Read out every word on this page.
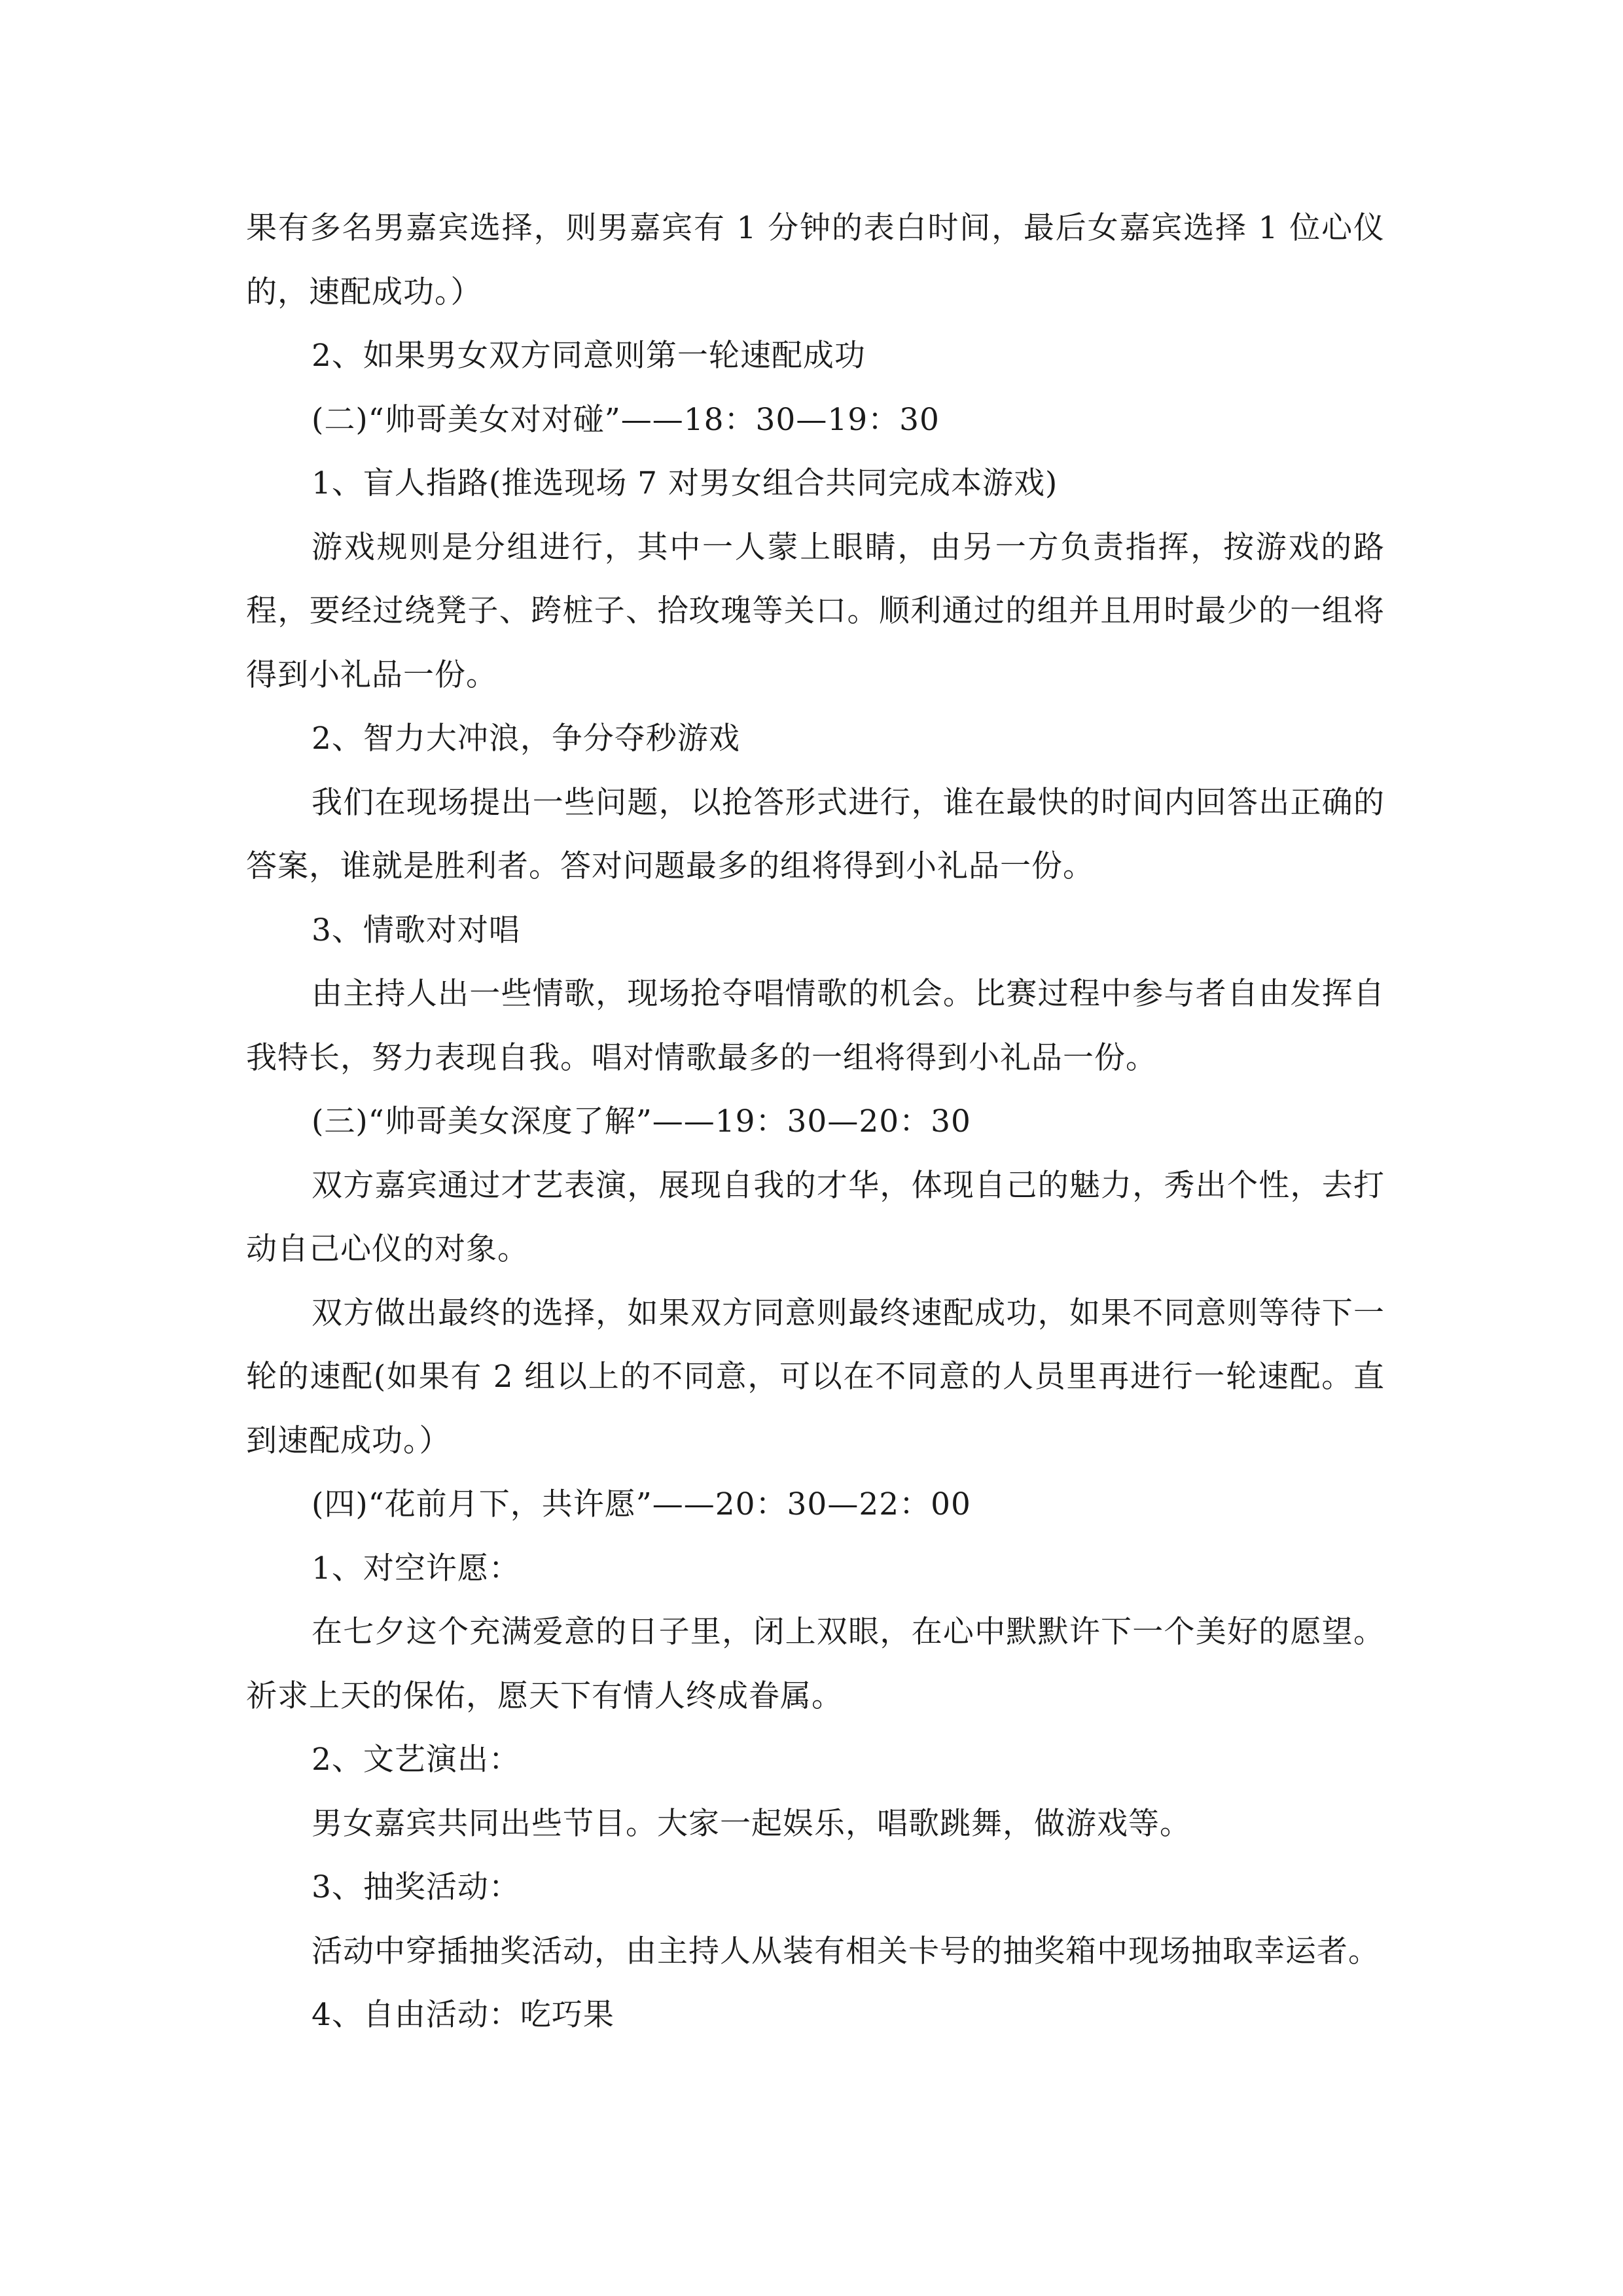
果有多名男嘉宾选择，则男嘉宾有 1 分钟的表白时间，最后女嘉宾选择 1 位心仪的，速配成功。）

2、如果男女双方同意则第一轮速配成功

(二)“帅哥美女对对碰”——18：30—19：30

1、盲人指路(推选现场 7 对男女组合共同完成本游戏)

游戏规则是分组进行，其中一人蒙上眼睛，由另一方负责指挥，按游戏的路程，要经过绕凳子、跨桩子、拾玫瑰等关口。顺利通过的组并且用时最少的一组将得到小礼品一份。

2、智力大冲浪，争分夺秒游戏

我们在现场提出一些问题，以抢答形式进行，谁在最快的时间内回答出正确的答案，谁就是胜利者。答对问题最多的组将得到小礼品一份。

3、情歌对对唱

由主持人出一些情歌，现场抢夺唱情歌的机会。比赛过程中参与者自由发挥自我特长，努力表现自我。唱对情歌最多的一组将得到小礼品一份。

(三)“帅哥美女深度了解”——19：30—20：30

双方嘉宾通过才艺表演，展现自我的才华，体现自己的魅力，秀出个性，去打动自己心仪的对象。

双方做出最终的选择，如果双方同意则最终速配成功，如果不同意则等待下一轮的速配(如果有 2 组以上的不同意，可以在不同意的人员里再进行一轮速配。直到速配成功。）

(四)“花前月下，共许愿”——20：30—22：00

1、对空许愿：

在七夕这个充满爱意的日子里，闭上双眼，在心中默默许下一个美好的愿望。祈求上天的保佑，愿天下有情人终成眷属。

2、文艺演出：

男女嘉宾共同出些节目。大家一起娱乐，唱歌跳舞，做游戏等。

3、抽奖活动：

活动中穿插抽奖活动，由主持人从装有相关卡号的抽奖箱中现场抽取幸运者。

4、自由活动：吃巧果
